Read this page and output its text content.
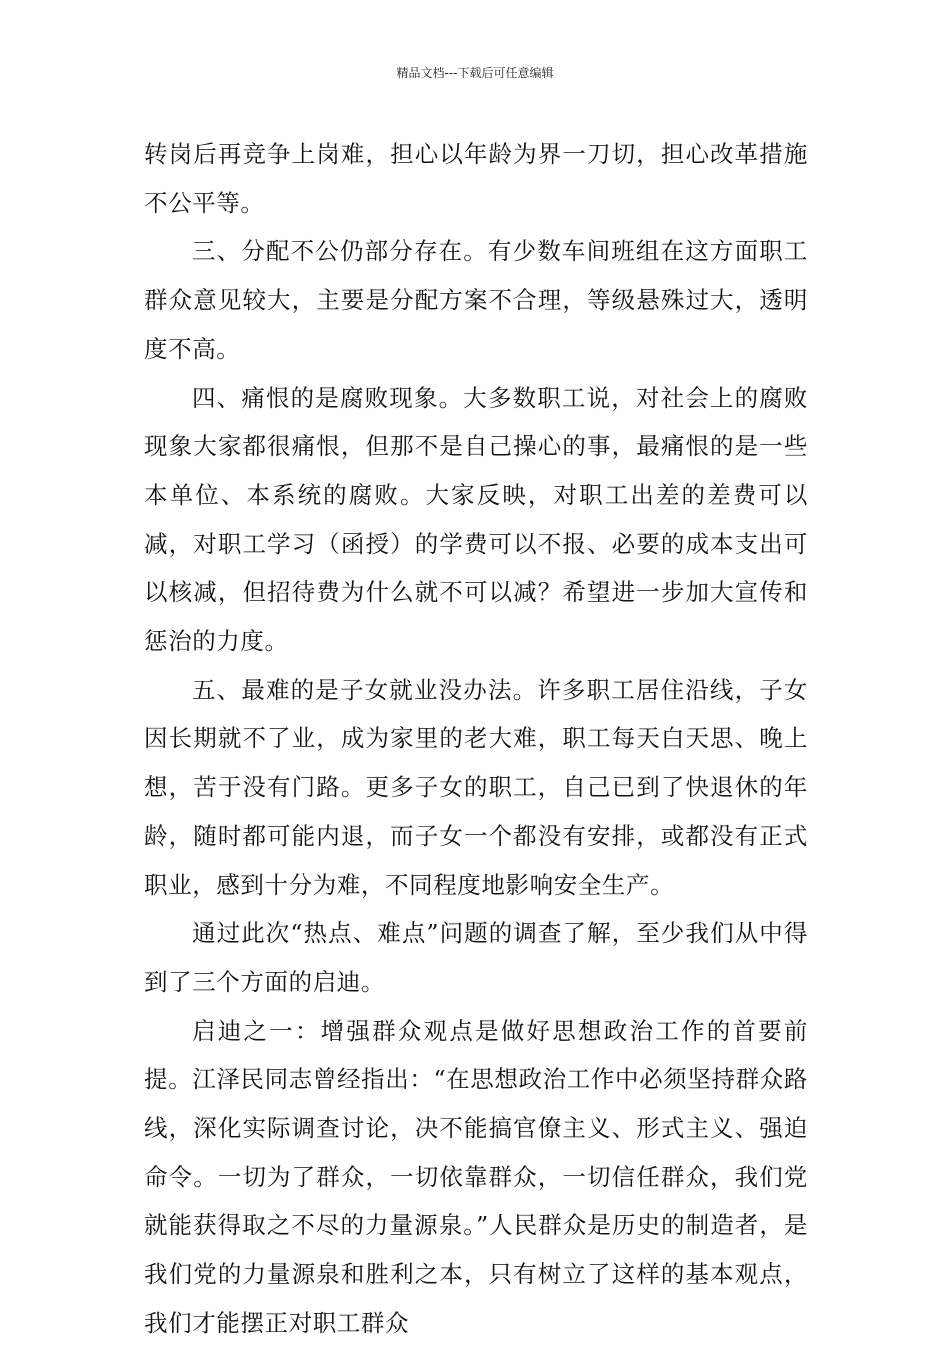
精品文档---下载后可任意编辑

转岗后再竞争上岗难，担心以年龄为界一刀切，担心改革措施不公平等。

三、分配不公仍部分存在。有少数车间班组在这方面职工群众意见较大，主要是分配方案不合理，等级悬殊过大，透明度不高。

四、痛恨的是腐败现象。大多数职工说，对社会上的腐败现象大家都很痛恨，但那不是自己操心的事，最痛恨的是一些本单位、本系统的腐败。大家反映，对职工出差的差费可以减，对职工学习（函授）的学费可以不报、必要的成本支出可以核减，但招待费为什么就不可以减？希望进一步加大宣传和惩治的力度。

五、最难的是子女就业没办法。许多职工居住沿线，子女因长期就不了业，成为家里的老大难，职工每天白天思、晚上想，苦于没有门路。更多子女的职工，自己已到了快退休的年龄，随时都可能内退，而子女一个都没有安排，或都没有正式职业，感到十分为难，不同程度地影响安全生产。

通过此次“热点、难点”问题的调查了解，至少我们从中得到了三个方面的启迪。

启迪之一：增强群众观点是做好思想政治工作的首要前提。江泽民同志曾经指出：“在思想政治工作中必须坚持群众路线，深化实际调查讨论，决不能搞官僚主义、形式主义、强迫命令。一切为了群众，一切依靠群众，一切信任群众，我们党就能获得取之不尽的力量源泉。”人民群众是历史的制造者，是我们党的力量源泉和胜利之本，只有树立了这样的基本观点，我们才能摆正对职工群众
